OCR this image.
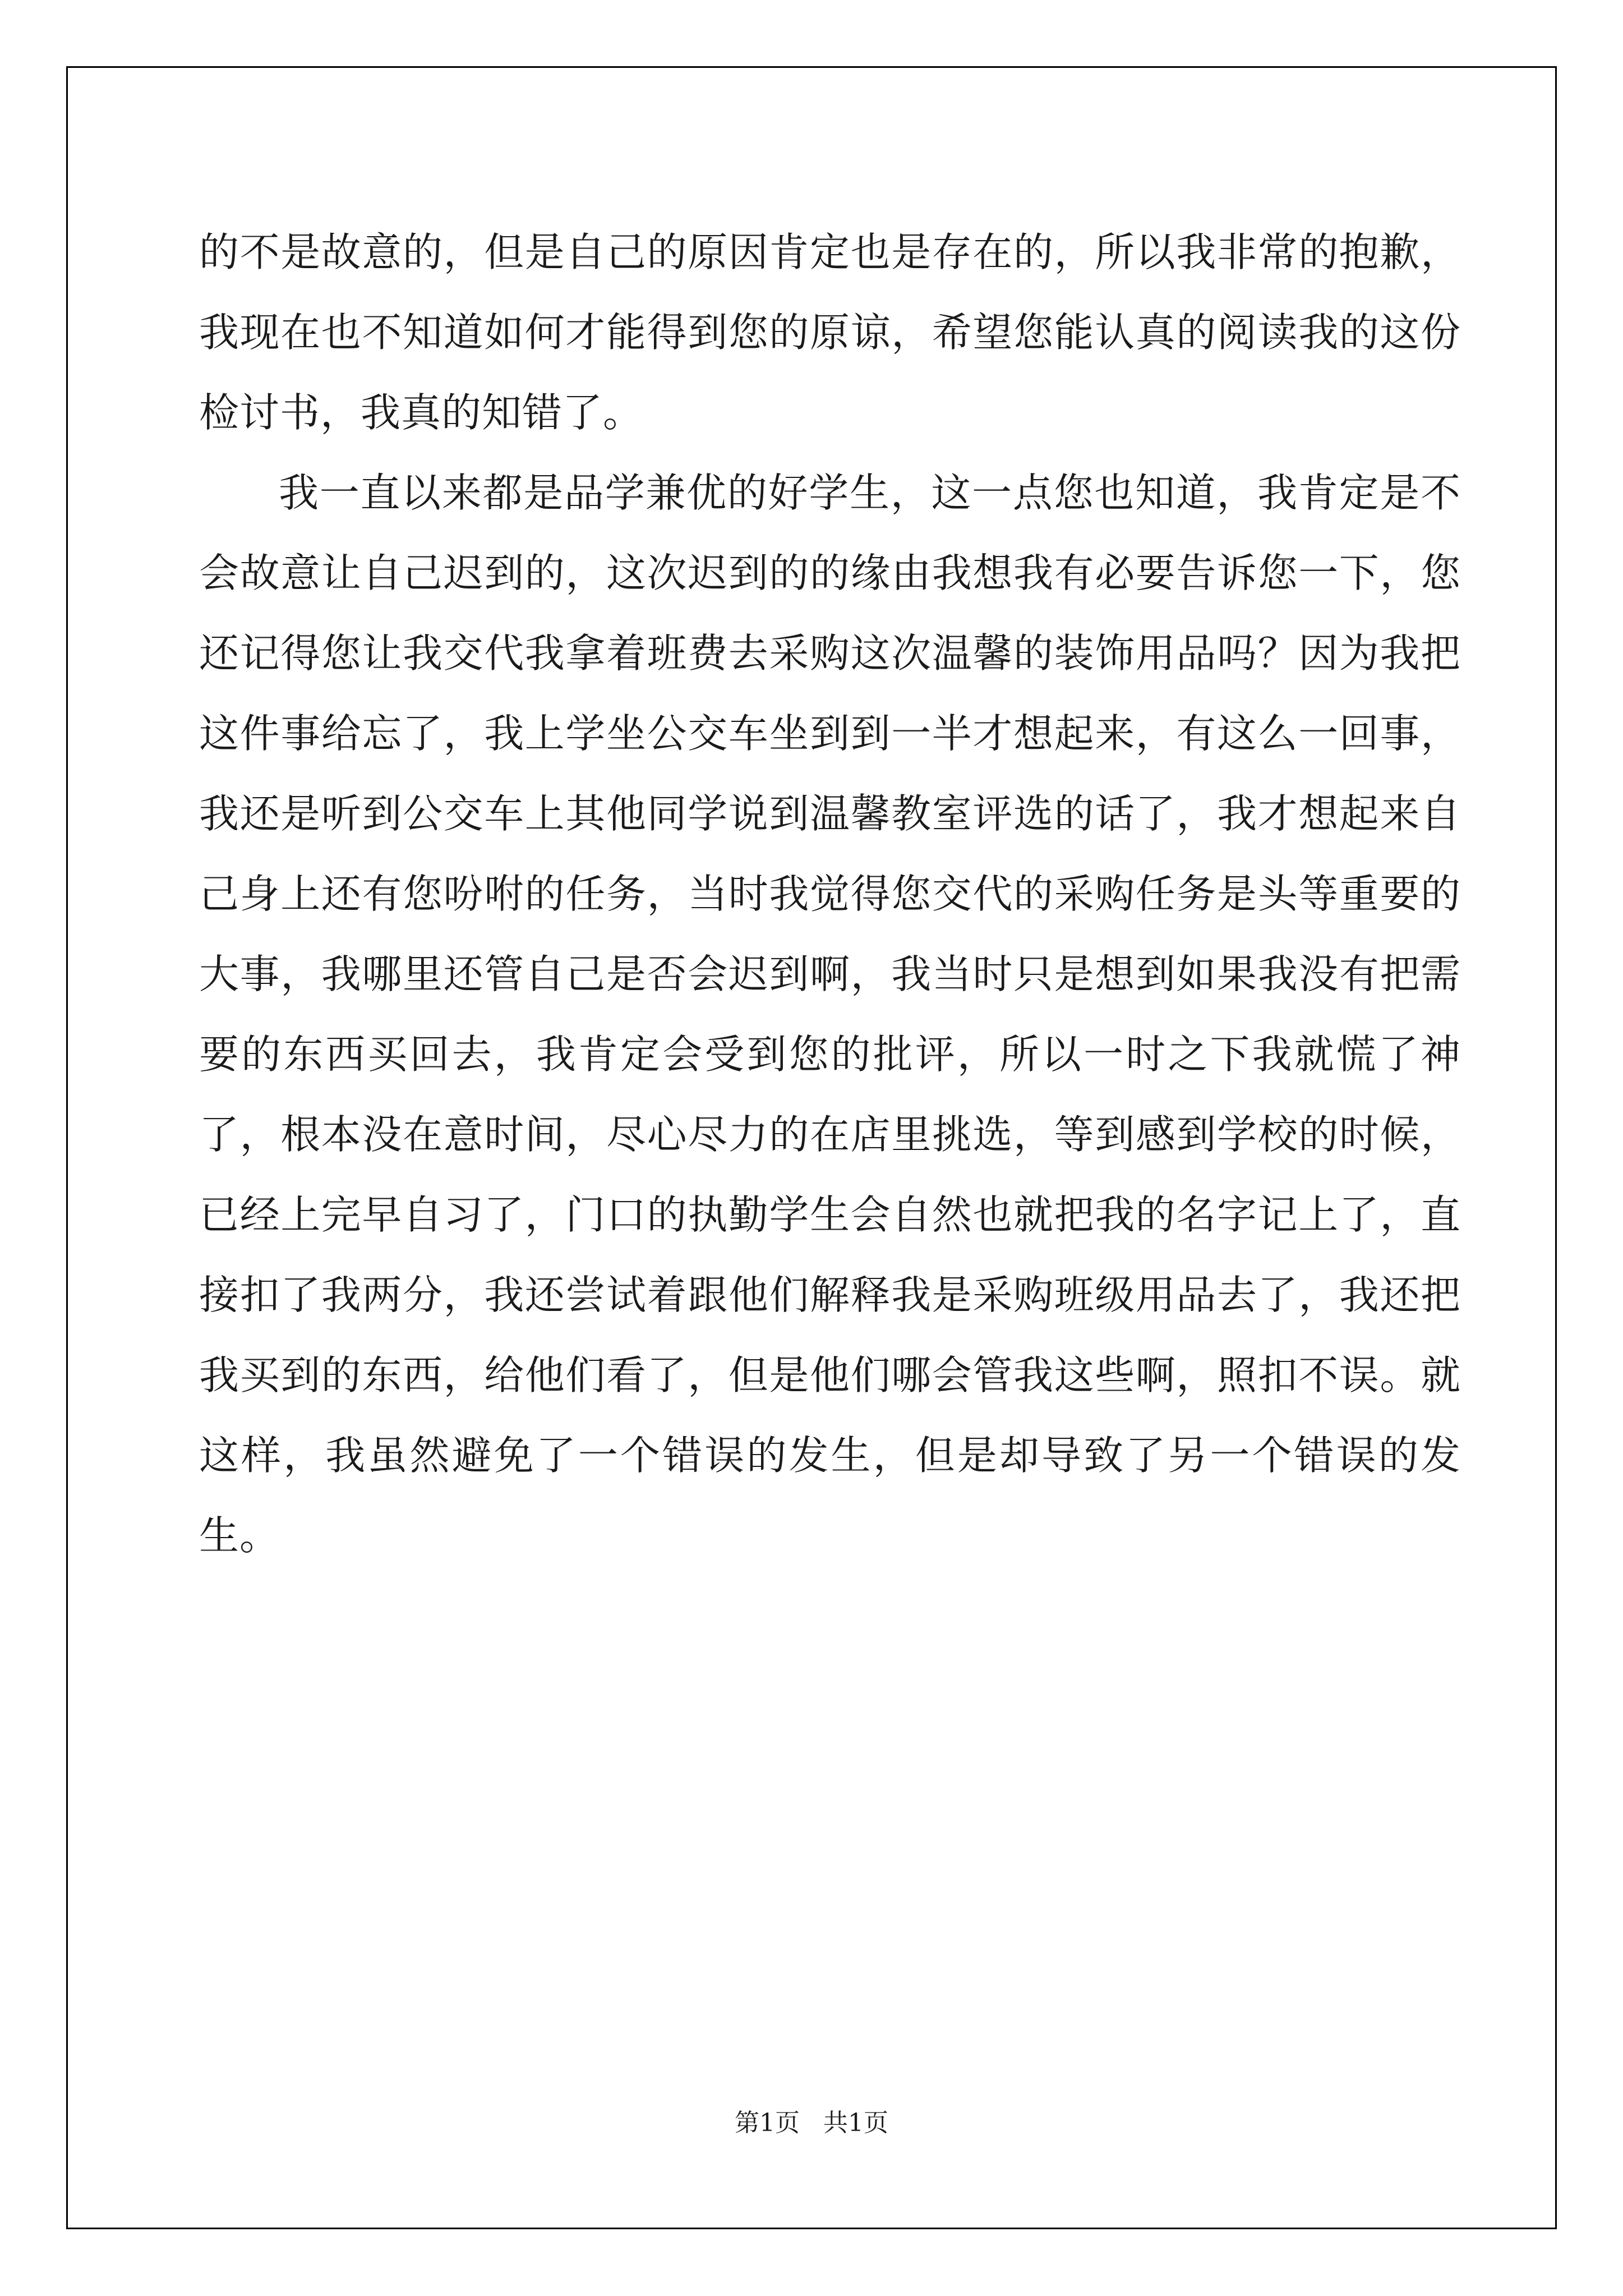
的不是故意的，但是自己的原因肯定也是存在的，所以我非常的抱歉，我现在也不知道如何才能得到您的原谅，希望您能认真的阅读我的这份检讨书，我真的知错了。

我一直以来都是品学兼优的好学生，这一点您也知道，我肯定是不会故意让自己迟到的，这次迟到的的缘由我想我有必要告诉您一下，您还记得您让我交代我拿着班费去采购这次温馨的装饰用品吗？因为我把这件事给忘了，我上学坐公交车坐到到一半才想起来，有这么一回事，我还是听到公交车上其他同学说到温馨教室评选的话了，我才想起来自己身上还有您吩咐的任务，当时我觉得您交代的采购任务是头等重要的大事，我哪里还管自己是否会迟到啊，我当时只是想到如果我没有把需要的东西买回去，我肯定会受到您的批评，所以一时之下我就慌了神了，根本没在意时间，尽心尽力的在店里挑选，等到感到学校的时候，已经上完早自习了，门口的执勤学生会自然也就把我的名字记上了，直接扣了我两分，我还尝试着跟他们解释我是采购班级用品去了，我还把我买到的东西，给他们看了，但是他们哪会管我这些啊，照扣不误。就这样，我虽然避免了一个错误的发生，但是却导致了另一个错误的发生。

第1页 共1页
